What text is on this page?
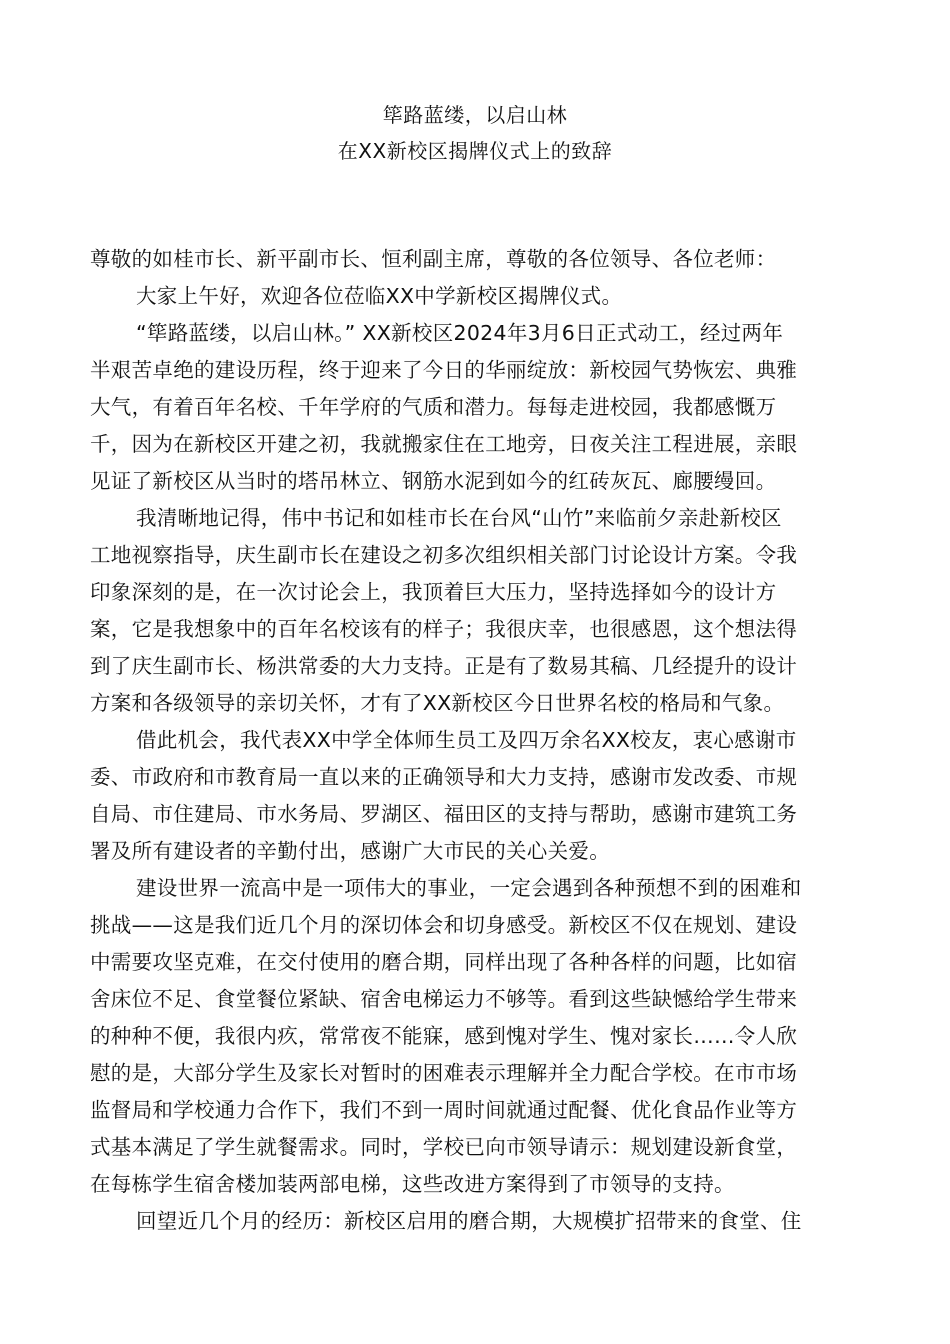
筚路蓝缕，以启山林
在XX新校区揭牌仪式上的致辞
尊敬的如桂市长、新平副市长、恒利副主席，尊敬的各位领导、各位老师：
大家上午好，欢迎各位莅临XX中学新校区揭牌仪式。
“筚路蓝缕，以启山林。” XX新校区2024年3月6日正式动工，经过两年
半艰苦卓绝的建设历程，终于迎来了今日的华丽绽放：新校园气势恢宏、典雅
大气，有着百年名校、千年学府的气质和潜力。每每走进校园，我都感慨万
千，因为在新校区开建之初，我就搬家住在工地旁，日夜关注工程进展，亲眼
见证了新校区从当时的塔吊林立、钢筋水泥到如今的红砖灰瓦、廊腰缦回。
我清晰地记得，伟中书记和如桂市长在台风“山竹”来临前夕亲赴新校区
工地视察指导，庆生副市长在建设之初多次组织相关部门讨论设计方案。令我
印象深刻的是，在一次讨论会上，我顶着巨大压力，坚持选择如今的设计方
案，它是我想象中的百年名校该有的样子；我很庆幸，也很感恩，这个想法得
到了庆生副市长、杨洪常委的大力支持。正是有了数易其稿、几经提升的设计
方案和各级领导的亲切关怀，才有了XX新校区今日世界名校的格局和气象。
借此机会，我代表XX中学全体师生员工及四万余名XX校友，衷心感谢市
委、市政府和市教育局一直以来的正确领导和大力支持，感谢市发改委、市规
自局、市住建局、市水务局、罗湖区、福田区的支持与帮助，感谢市建筑工务
署及所有建设者的辛勤付出，感谢广大市民的关心关爱。
建设世界一流高中是一项伟大的事业，一定会遇到各种预想不到的困难和
挑战——这是我们近几个月的深切体会和切身感受。新校区不仅在规划、建设
中需要攻坚克难，在交付使用的磨合期，同样出现了各种各样的问题，比如宿
舍床位不足、食堂餐位紧缺、宿舍电梯运力不够等。看到这些缺憾给学生带来
的种种不便，我很内疚，常常夜不能寐，感到愧对学生、愧对家长……令人欣
慰的是，大部分学生及家长对暂时的困难表示理解并全力配合学校。在市市场
监督局和学校通力合作下，我们不到一周时间就通过配餐、优化食品作业等方
式基本满足了学生就餐需求。同时，学校已向市领导请示：规划建设新食堂，
在每栋学生宿舍楼加装两部电梯，这些改进方案得到了市领导的支持。
回望近几个月的经历：新校区启用的磨合期，大规模扩招带来的食堂、住
